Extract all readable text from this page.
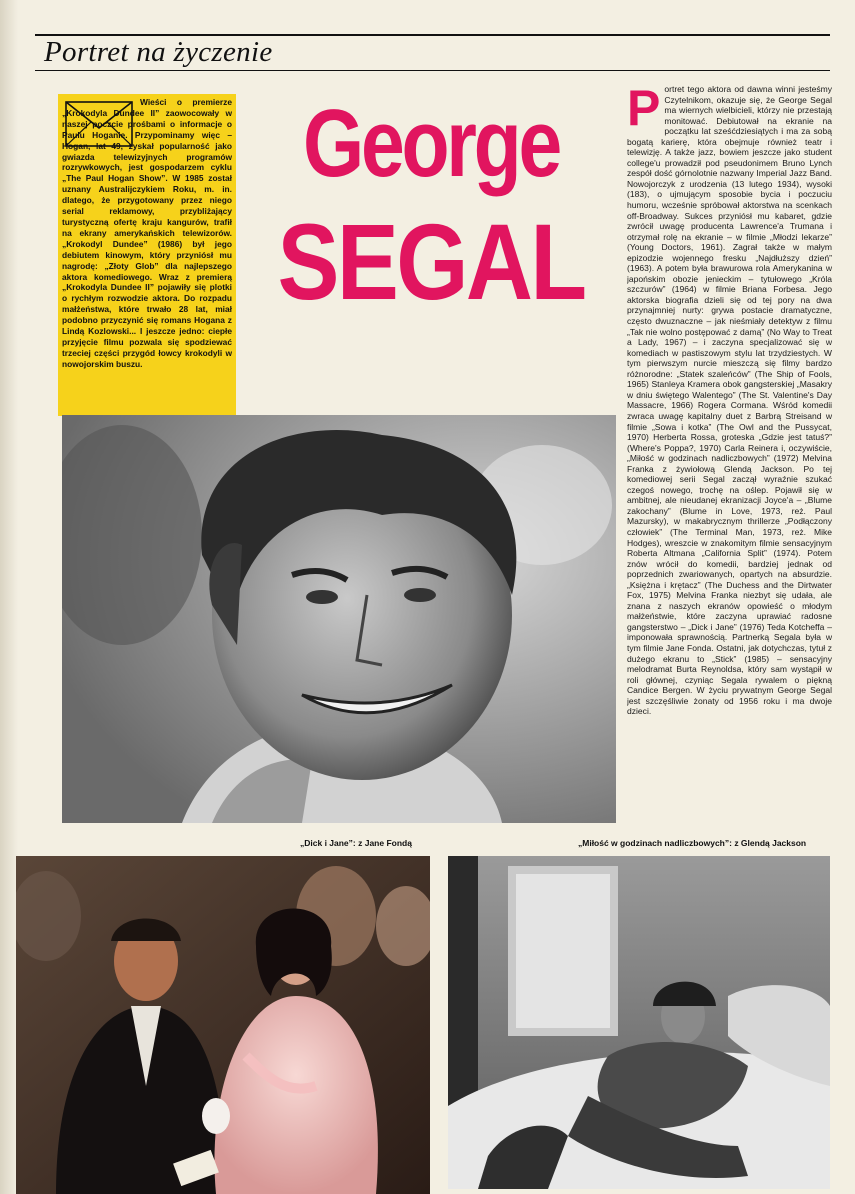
Portret na życzenie
Wieści o premierze „Krokodyla Dundee II” zaowocowały w naszej poczcie prośbami o informacje o Paulu Hoganie. Przypominamy więc – Hogan, lat 49, zyskał popularność jako gwiazda telewizyjnych programów rozrywkowych, jest gospodarzem cyklu „The Paul Hogan Show”. W 1985 został uznany Australijczykiem Roku, m. in. dlatego, że przygotowany przez niego serial reklamowy, przybliżający turystyczną ofertę kraju kangurów, trafił na ekrany amerykańskich telewizorów. „Krokodyl Dundee” (1986) był jego debiutem kinowym, który przyniósł mu nagrodę: „Złoty Glob” dla najlepszego aktora komediowego. Wraz z premierą „Krokodyla Dundee II” pojawiły się plotki o rychłym rozwodzie aktora. Do rozpadu małżeństwa, które trwało 28 lat, miał podobno przyczynić się romans Hogana z Lindą Kozlowski... I jeszcze jedno: ciepłe przyjęcie filmu pozwala się spodziewać trzeciej części przygód łowcy krokodyli w nowojorskim buszu.
George
SEGAL
Portret tego aktora od dawna winni jesteśmy Czytelnikom, okazuje się, że George Segal ma wiernych wielbicieli, którzy nie przestają monitować. Debiutował na ekranie na początku lat sześćdziesiątych i ma za sobą bogatą karierę, która obejmuje również teatr i telewizję. A także jazz, bowiem jeszcze jako student college'u prowadził pod pseudonimem Bruno Lynch zespół dość górnolotnie nazwany Imperial Jazz Band. Nowojorczyk z urodzenia (13 lutego 1934), wysoki (183), o ujmującym sposobie bycia i poczuciu humoru, wcześnie spróbował aktorstwa na scenkach off-Broadway. Sukces przyniósł mu kabaret, gdzie zwrócił uwagę producenta Lawrence'a Trumana i otrzymał rolę na ekranie – w filmie „Młodzi lekarze” (Young Doctors, 1961). Zagrał także w małym epizodzie wojennego fresku „Najdłuższy dzień” (1963). A potem była brawurowa rola Amerykanina w japońskim obozie jenieckim – tytułowego „Króla szczurów” (1964) w filmie Briana Forbesa. Jego aktorska biografia dzieli się od tej pory na dwa przynajmniej nurty: grywa postacie dramatyczne, często dwuznaczne – jak nieśmiały detektyw z filmu „Tak nie wolno postępować z damą” (No Way to Treat a Lady, 1967) – i zaczyna specjalizować się w komediach w pastiszowym stylu lat trzydziestych. W tym pierwszym nurcie mieszczą się filmy bardzo różnorodne: „Statek szaleńców” (The Ship of Fools, 1965) Stanleya Kramera obok gangsterskiej „Masakry w dniu świętego Walentego” (The St. Valentine's Day Massacre, 1966) Rogera Cormana. Wśród komedii zwraca uwagę kapitalny duet z Barbrą Streisand w filmie „Sowa i kotka” (The Owl and the Pussycat, 1970) Herberta Rossa, groteska „Gdzie jest tatuś?” (Where's Poppa?, 1970) Carla Reinera i, oczywiście, „Miłość w godzinach nadliczbowych” (1972) Melvina Franka z żywiołową Glendą Jackson. Po tej komediowej serii Segal zaczął wyraźnie szukać czegoś nowego, trochę na oślep. Pojawił się w ambitnej, ale nieudanej ekranizacji Joyce'a – „Blume zakochany” (Blume in Love, 1973, reż. Paul Mazursky), w makabrycznym thrillerze „Podłączony człowiek” (The Terminal Man, 1973, reż. Mike Hodges), wreszcie w znakomitym filmie sensacyjnym Roberta Altmana „California Split” (1974). Potem znów wrócił do komedii, bardziej jednak od poprzednich zwariowanych, opartych na absurdzie. „Księżna i krętacz” (The Duchess and the Dirtwater Fox, 1975) Melvina Franka niezbyt się udała, ale znana z naszych ekranów opowieść o młodym małżeństwie, które zaczyna uprawiać radosne gangsterstwo – „Dick i Jane” (1976) Teda Kotcheffa – imponowała sprawnością. Partnerką Segala była w tym filmie Jane Fonda. Ostatni, jak dotychczas, tytuł z dużego ekranu to „Stick” (1985) – sensacyjny melodramat Burta Reynoldsa, który sam wystąpił w roli głównej, czyniąc Segala rywalem o piękną Candice Bergen. W życiu prywatnym George Segal jest szczęśliwie żonaty od 1956 roku i ma dwoje dzieci.
„Dick i Jane”: z Jane Fondą	„Miłość w godzinach nadliczbowych”: z Glendą Jackson
